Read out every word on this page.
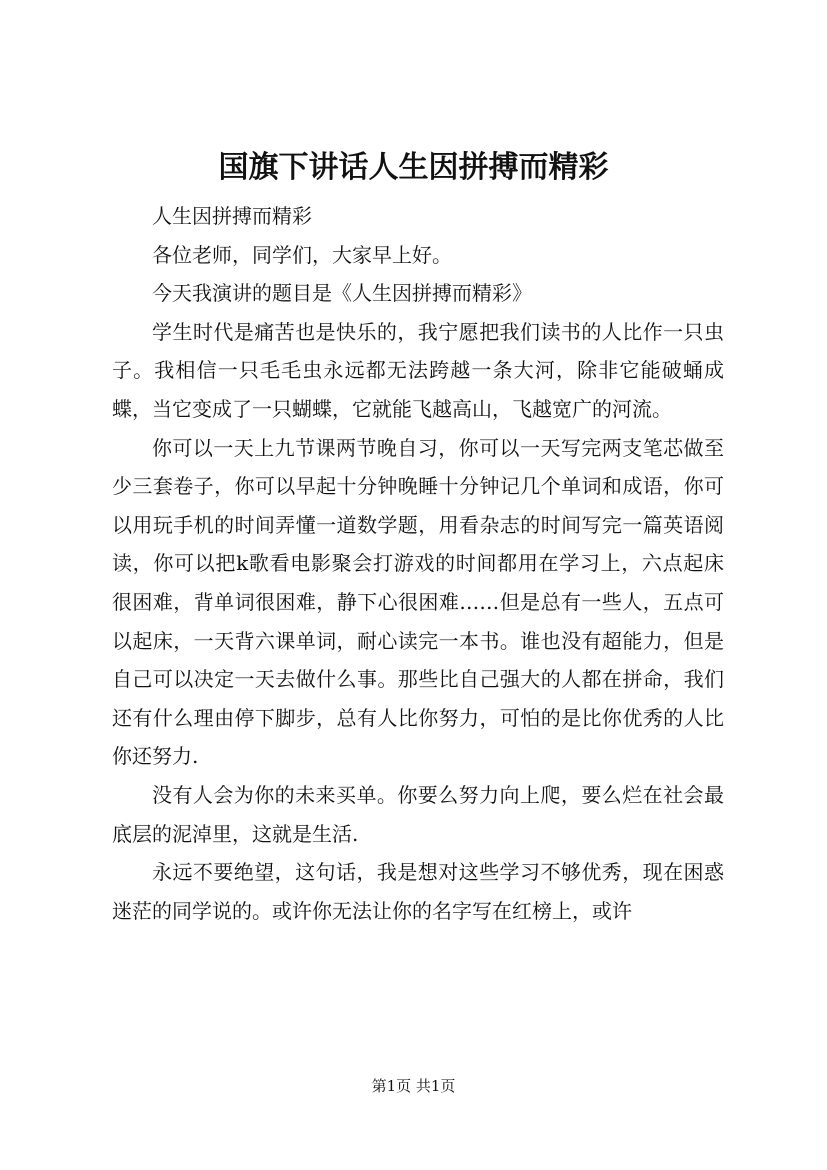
国旗下讲话人生因拼搏而精彩

人生因拼搏而精彩

各位老师，同学们，大家早上好。

今天我演讲的题目是《人生因拼搏而精彩》

学生时代是痛苦也是快乐的，我宁愿把我们读书的人比作一只虫子。我相信一只毛毛虫永远都无法跨越一条大河，除非它能破蛹成蝶，当它变成了一只蝴蝶，它就能飞越高山，飞越宽广的河流。

你可以一天上九节课两节晚自习，你可以一天写完两支笔芯做至少三套卷子，你可以早起十分钟晚睡十分钟记几个单词和成语，你可以用玩手机的时间弄懂一道数学题，用看杂志的时间写完一篇英语阅读，你可以把k歌看电影聚会打游戏的时间都用在学习上，六点起床很困难，背单词很困难，静下心很困难……但是总有一些人，五点可以起床，一天背六课单词，耐心读完一本书。谁也没有超能力，但是自己可以决定一天去做什么事。那些比自己强大的人都在拼命，我们还有什么理由停下脚步，总有人比你努力，可怕的是比你优秀的人比你还努力.

没有人会为你的未来买单。你要么努力向上爬，要么烂在社会最底层的泥淖里，这就是生活.

永远不要绝望，这句话，我是想对这些学习不够优秀，现在困惑迷茫的同学说的。或许你无法让你的名字写在红榜上，或许

第1页 共1页
